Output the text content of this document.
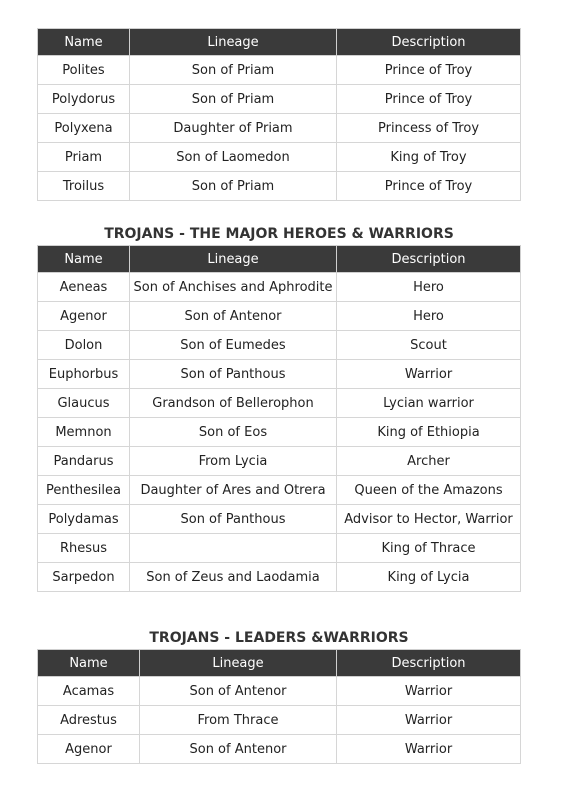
Name	Lineage	Description
Polites	Son of Priam	Prince of Troy
Polydorus	Son of Priam	Prince of Troy
Polyxena	Daughter of Priam	Princess of Troy
Priam	Son of Laomedon	King of Troy
Troilus	Son of Priam	Prince of Troy
TROJANS - THE MAJOR HEROES & WARRIORS
Name	Lineage	Description
Aeneas	Son of Anchises and Aphrodite	Hero
Agenor	Son of Antenor	Hero
Dolon	Son of Eumedes	Scout
Euphorbus	Son of Panthous	Warrior
Glaucus	Grandson of Bellerophon	Lycian warrior
Memnon	Son of Eos	King of Ethiopia
Pandarus	From Lycia	Archer
Penthesilea	Daughter of Ares and Otrera	Queen of the Amazons
Polydamas	Son of Panthous	Advisor to Hector, Warrior
Rhesus		King of Thrace
Sarpedon	Son of Zeus and Laodamia	King of Lycia
TROJANS - LEADERS &WARRIORS
Name	Lineage	Description
Acamas	Son of Antenor	Warrior
Adrestus	From Thrace	Warrior
Agenor	Son of Antenor	Warrior
